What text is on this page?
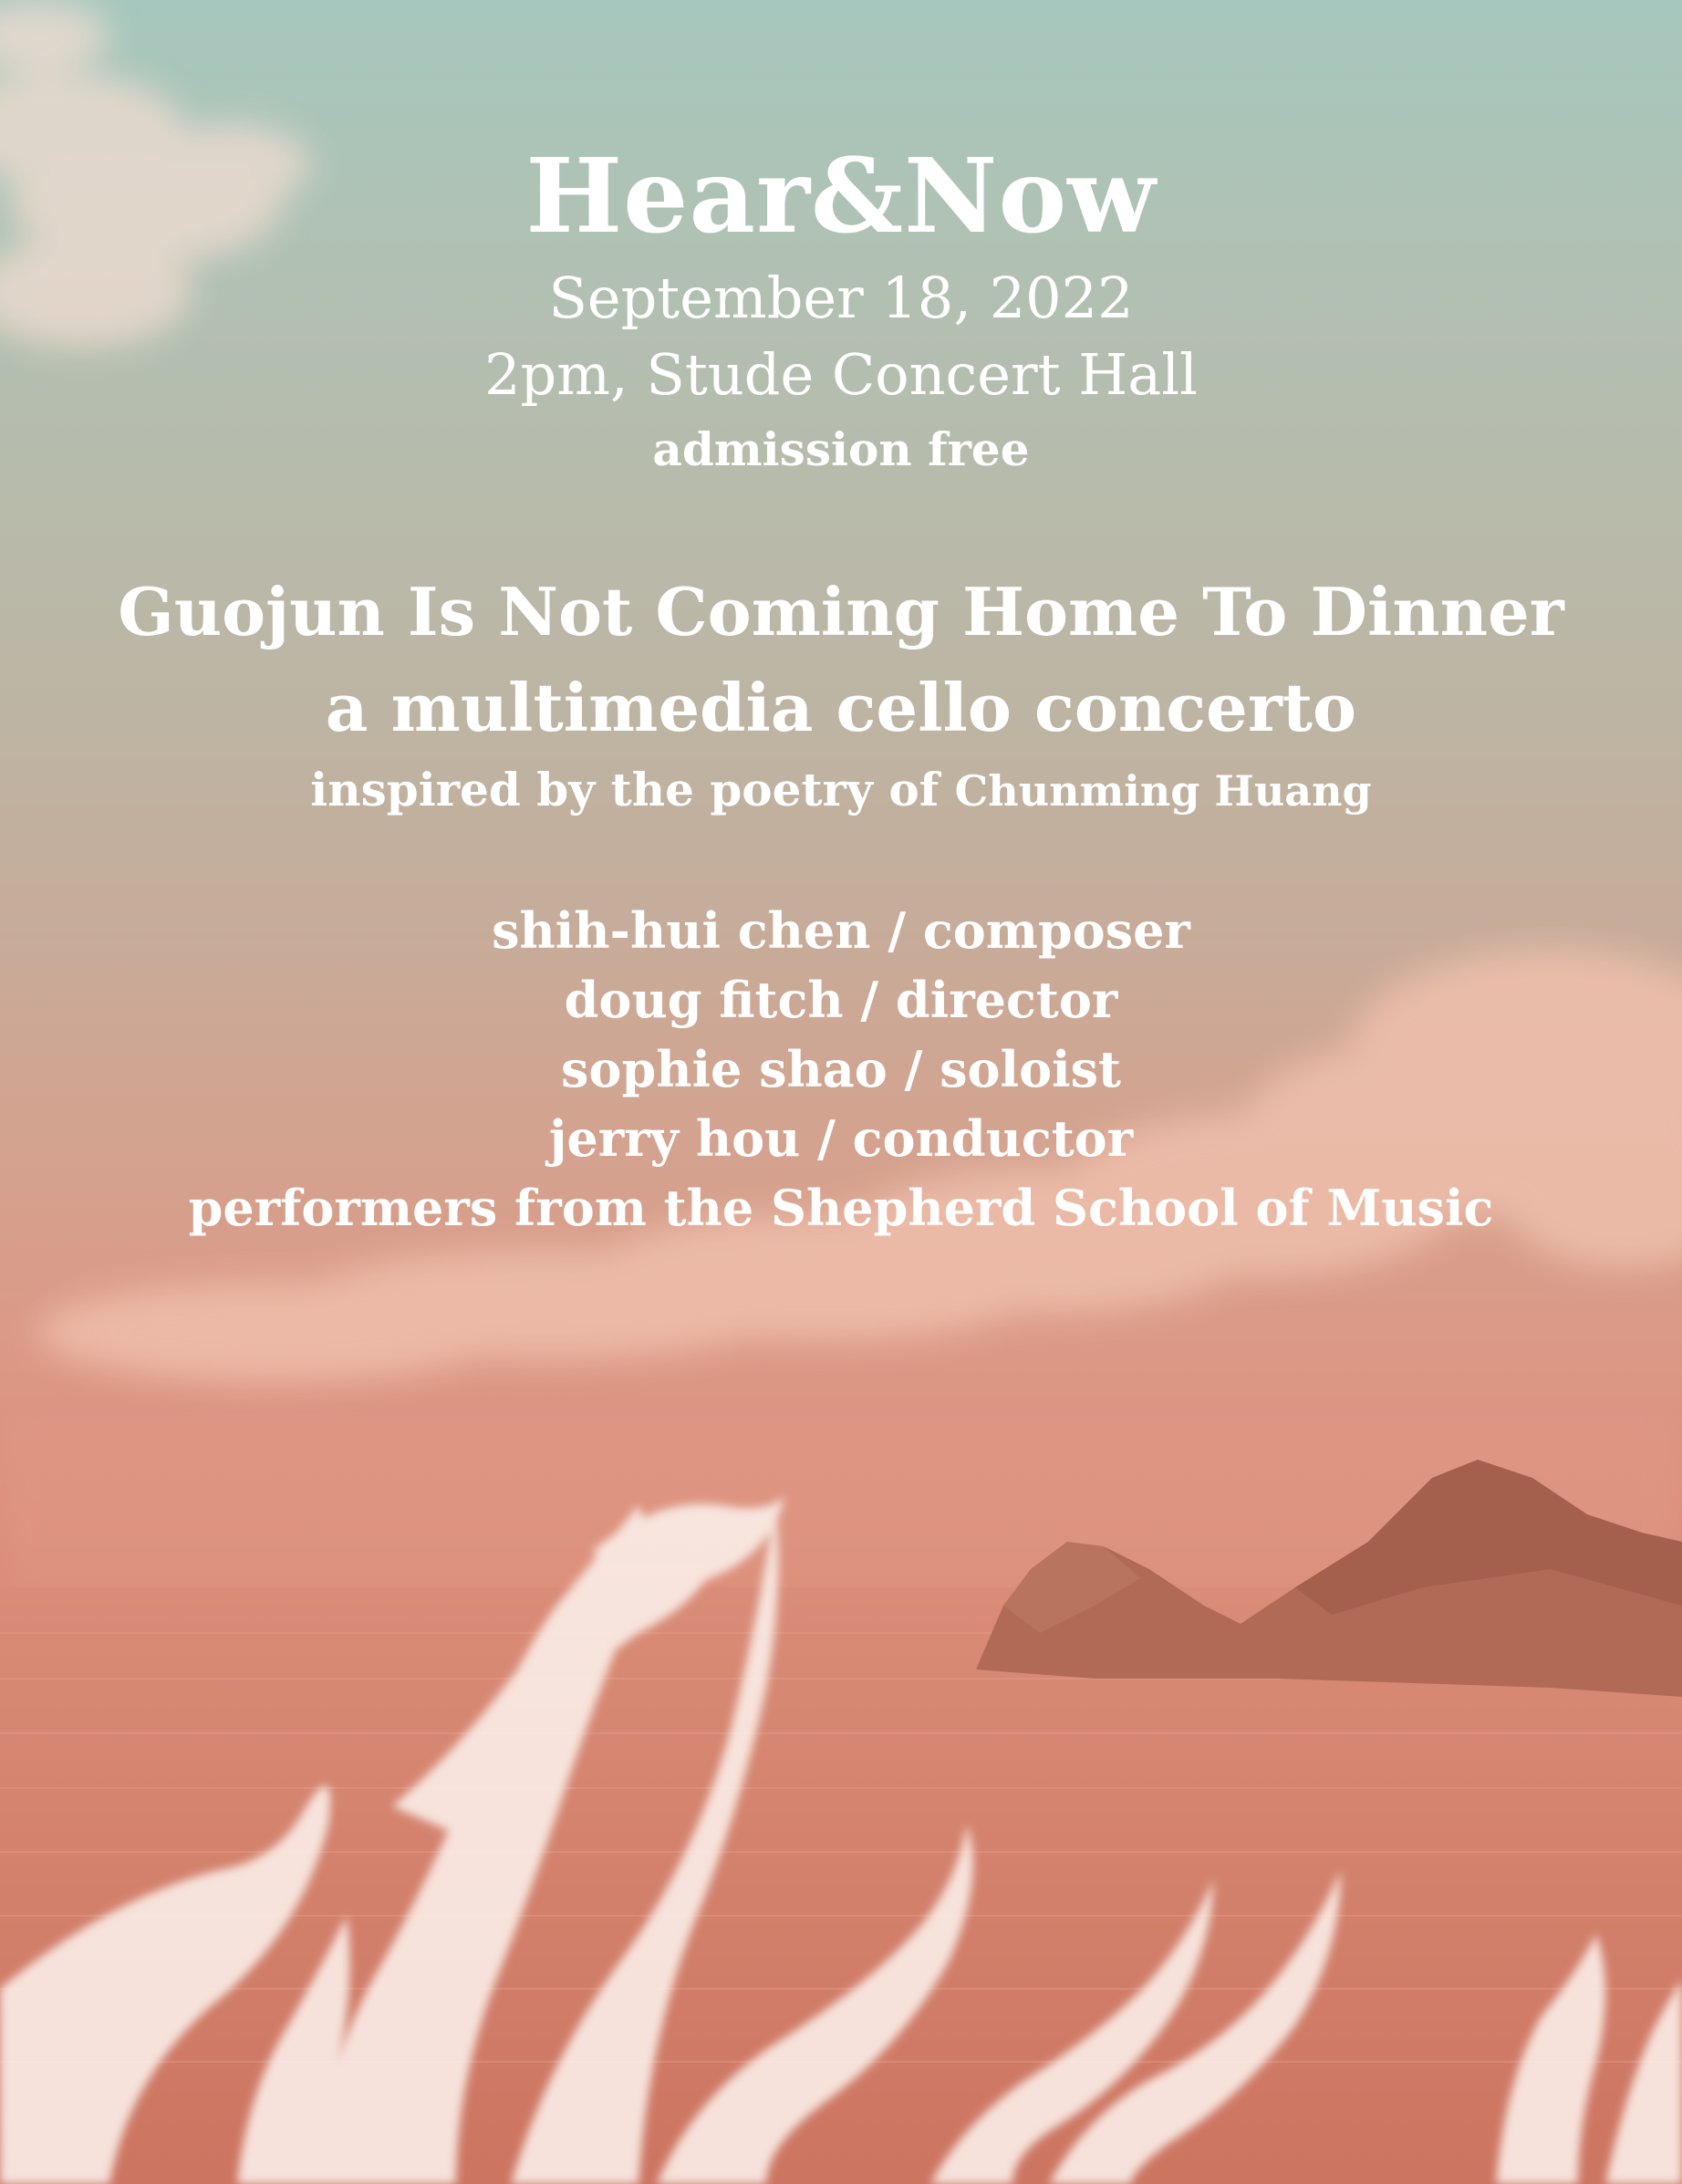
Hear&Now
September 18, 2022
2pm, Stude Concert Hall
admission free
Guojun Is Not Coming Home To Dinner
a multimedia cello concerto
inspired by the poetry of Chunming Huang
shih-hui chen / composer
doug fitch / director
sophie shao / soloist
jerry hou / conductor
performers from the Shepherd School of Music
